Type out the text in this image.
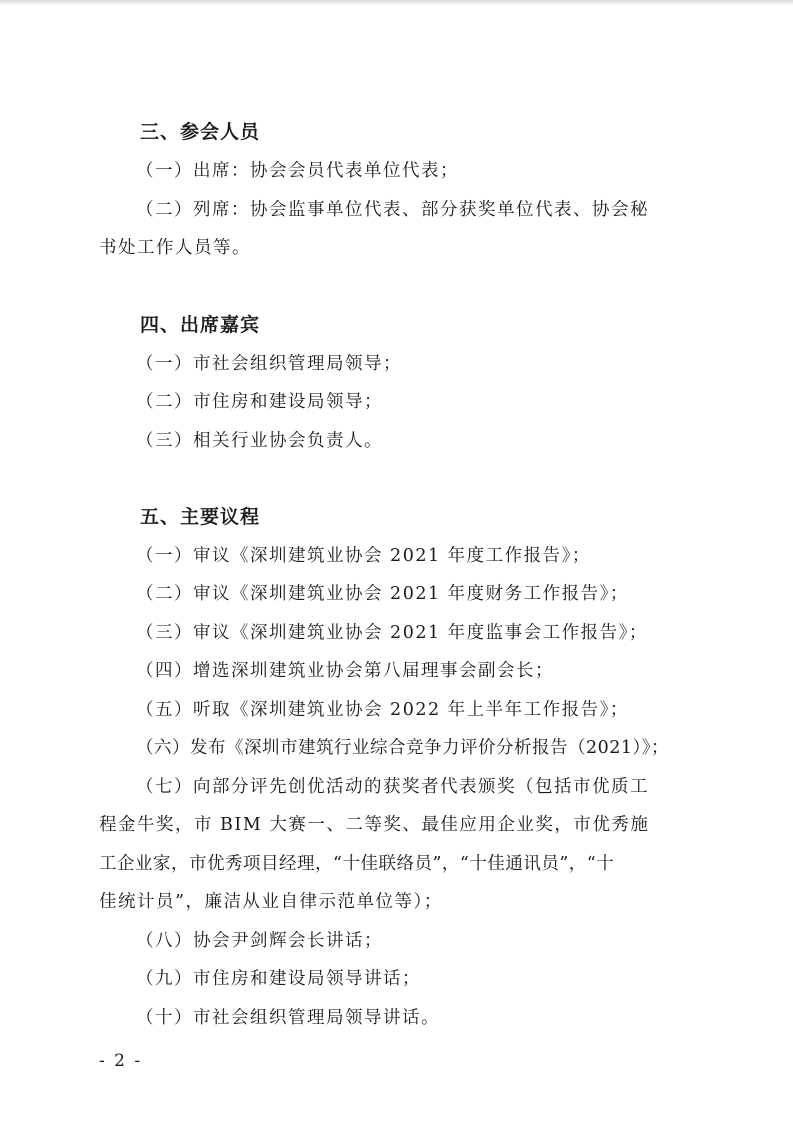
三、参会人员
（一）出席：协会会员代表单位代表；
（二）列席：协会监事单位代表、部分获奖单位代表、协会秘
书处工作人员等。
四、出席嘉宾
（一）市社会组织管理局领导；
（二）市住房和建设局领导；
（三）相关行业协会负责人。
五、主要议程
（一）审议《深圳建筑业协会 2021 年度工作报告》；
（二）审议《深圳建筑业协会 2021 年度财务工作报告》；
（三）审议《深圳建筑业协会 2021 年度监事会工作报告》；
（四）增选深圳建筑业协会第八届理事会副会长；
（五）听取《深圳建筑业协会 2022 年上半年工作报告》；
（六）发布《深圳市建筑行业综合竞争力评价分析报告（2021）》；
（七）向部分评先创优活动的获奖者代表颁奖（包括市优质工
程金牛奖，市 BIM 大赛一、二等奖、最佳应用企业奖，市优秀施
工企业家，市优秀项目经理，“十佳联络员”，“十佳通讯员”，“十
佳统计员”，廉洁从业自律示范单位等）；
（八）协会尹剑辉会长讲话；
（九）市住房和建设局领导讲话；
（十）市社会组织管理局领导讲话。
- 2 -
